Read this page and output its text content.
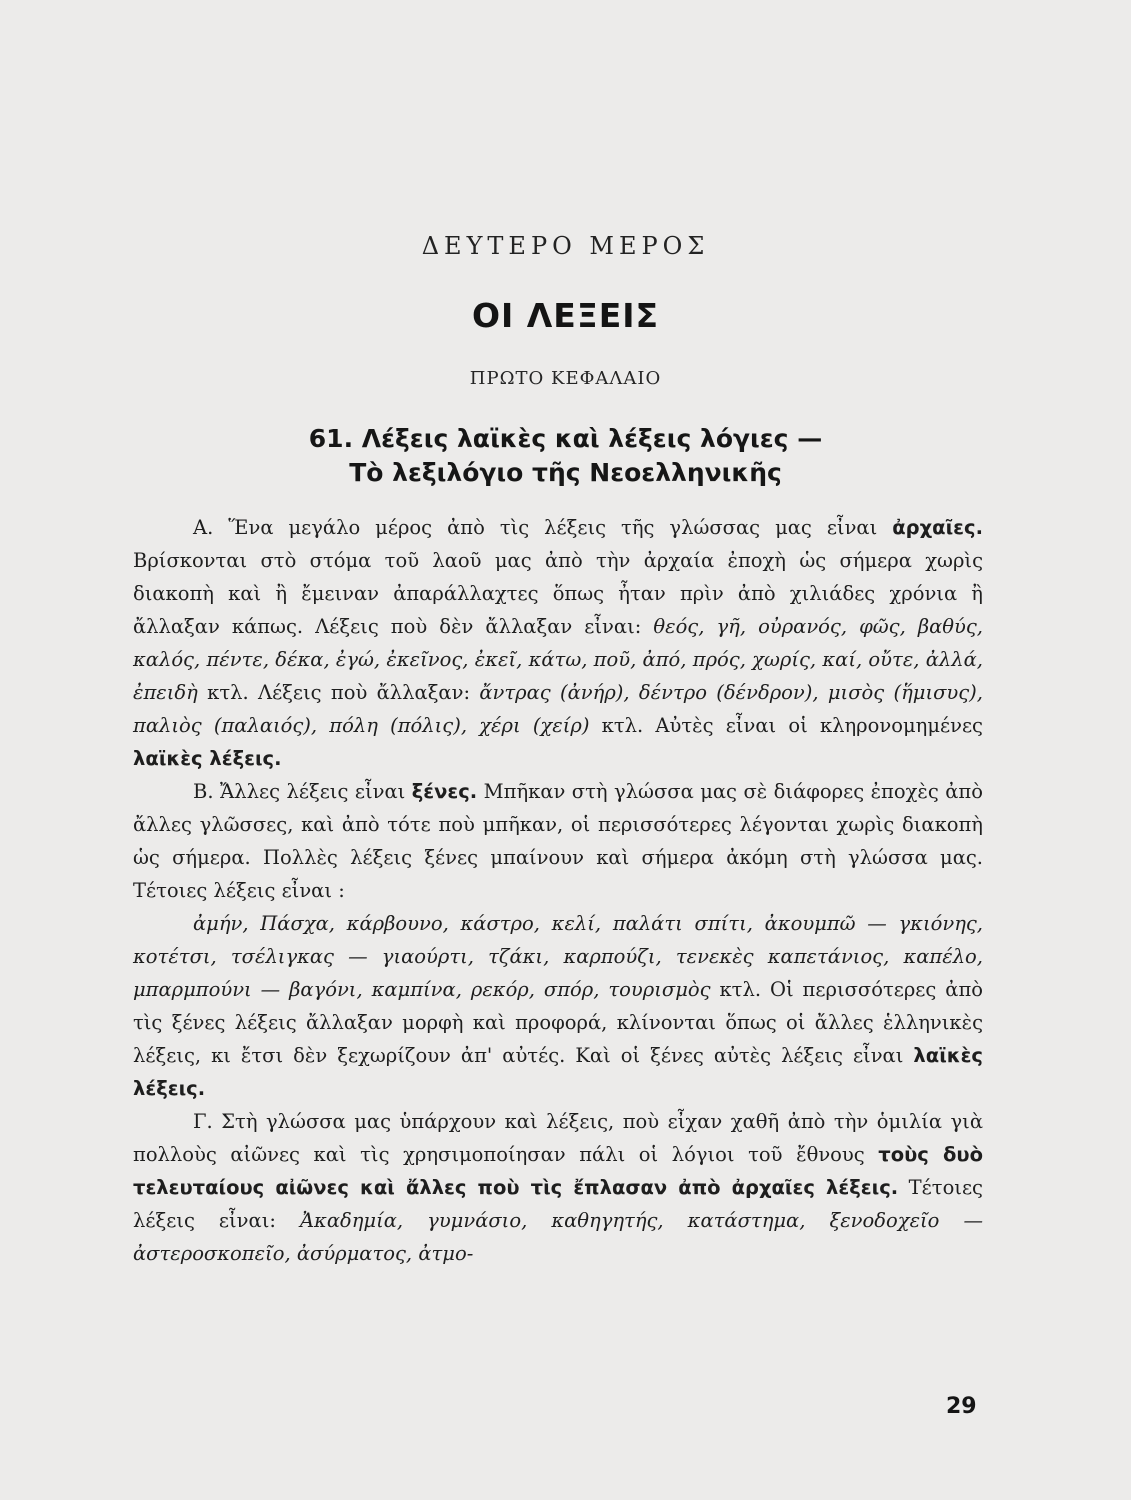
ΔΕΥΤΕΡΟ ΜΕΡΟΣ
ΟΙ ΛΕΞΕΙΣ
ΠΡΩΤΟ ΚΕΦΑΛΑΙΟ
61. Λέξεις λαϊκὲς καὶ λέξεις λόγιες —
Τὸ λεξιλόγιο τῆς Νεοελληνικῆς

Α. Ἕνα μεγάλο μέρος ἀπὸ τὶς λέξεις τῆς γλώσσας μας εἶναι ἀρχαῖες. Βρίσκονται στὸ στόμα τοῦ λαοῦ μας ἀπὸ τὴν ἀρχαία ἐποχὴ ὡς σήμερα χωρὶς διακοπὴ καὶ ἢ ἔμειναν ἀπαράλλαχτες ὅπως ἦταν πρὶν ἀπὸ χιλιάδες χρόνια ἢ ἄλλαξαν κάπως. Λέξεις ποὺ δὲν ἄλλαξαν εἶναι: θεός, γῆ, οὐρανός, φῶς, βαθύς, καλός, πέντε, δέκα, ἐγώ, ἐκεῖνος, ἐκεῖ, κάτω, ποῦ, ἀπό, πρός, χωρίς, καί, οὔτε, ἀλλά, ἐπειδὴ κτλ. Λέξεις ποὺ ἄλλαξαν: ἄντρας (ἀνήρ), δέντρο (δένδρον), μισὸς (ἥμισυς), παλιὸς (παλαιός), πόλη (πόλις), χέρι (χείρ) κτλ. Αὐτὲς εἶναι οἱ κληρονομημένες λαϊκὲς λέξεις.

Β. Ἄλλες λέξεις εἶναι ξένες. Μπῆκαν στὴ γλώσσα μας σὲ διάφορες ἐποχὲς ἀπὸ ἄλλες γλῶσσες, καὶ ἀπὸ τότε ποὺ μπῆκαν, οἱ περισσότερες λέγονται χωρὶς διακοπὴ ὡς σήμερα. Πολλὲς λέξεις ξένες μπαίνουν καὶ σήμερα ἀκόμη στὴ γλώσσα μας. Τέτοιες λέξεις εἶναι :

ἀμήν, Πάσχα, κάρβουνο, κάστρο, κελί, παλάτι σπίτι, ἀκουμπῶ — γκιόνης, κοτέτσι, τσέλιγκας — γιαούρτι, τζάκι, καρπούζι, τενεκὲς καπετάνιος, καπέλο, μπαρμπούνι — βαγόνι, καμπίνα, ρεκόρ, σπόρ, τουρισμὸς κτλ. Οἱ περισσότερες ἀπὸ τὶς ξένες λέξεις ἄλλαξαν μορφὴ καὶ προφορά, κλίνονται ὅπως οἱ ἄλλες ἑλληνικὲς λέξεις, κι ἔτσι δὲν ξεχωρίζουν ἀπ' αὐτές. Καὶ οἱ ξένες αὐτὲς λέξεις εἶναι λαϊκὲς λέξεις.

Γ. Στὴ γλώσσα μας ὑπάρχουν καὶ λέξεις, ποὺ εἶχαν χαθῆ ἀπὸ τὴν ὁμιλία γιὰ πολλοὺς αἰῶνες καὶ τὶς χρησιμοποίησαν πάλι οἱ λόγιοι τοῦ ἔθνους τοὺς δυὸ τελευταίους αἰῶνες καὶ ἄλλες ποὺ τὶς ἔπλασαν ἀπὸ ἀρχαῖες λέξεις. Τέτοιες λέξεις εἶναι: Ἀκαδημία, γυμνάσιο, καθηγητής, κατάστημα, ξενοδοχεῖο — ἀστεροσκοπεῖο, ἀσύρματος, ἀτμο-

29
